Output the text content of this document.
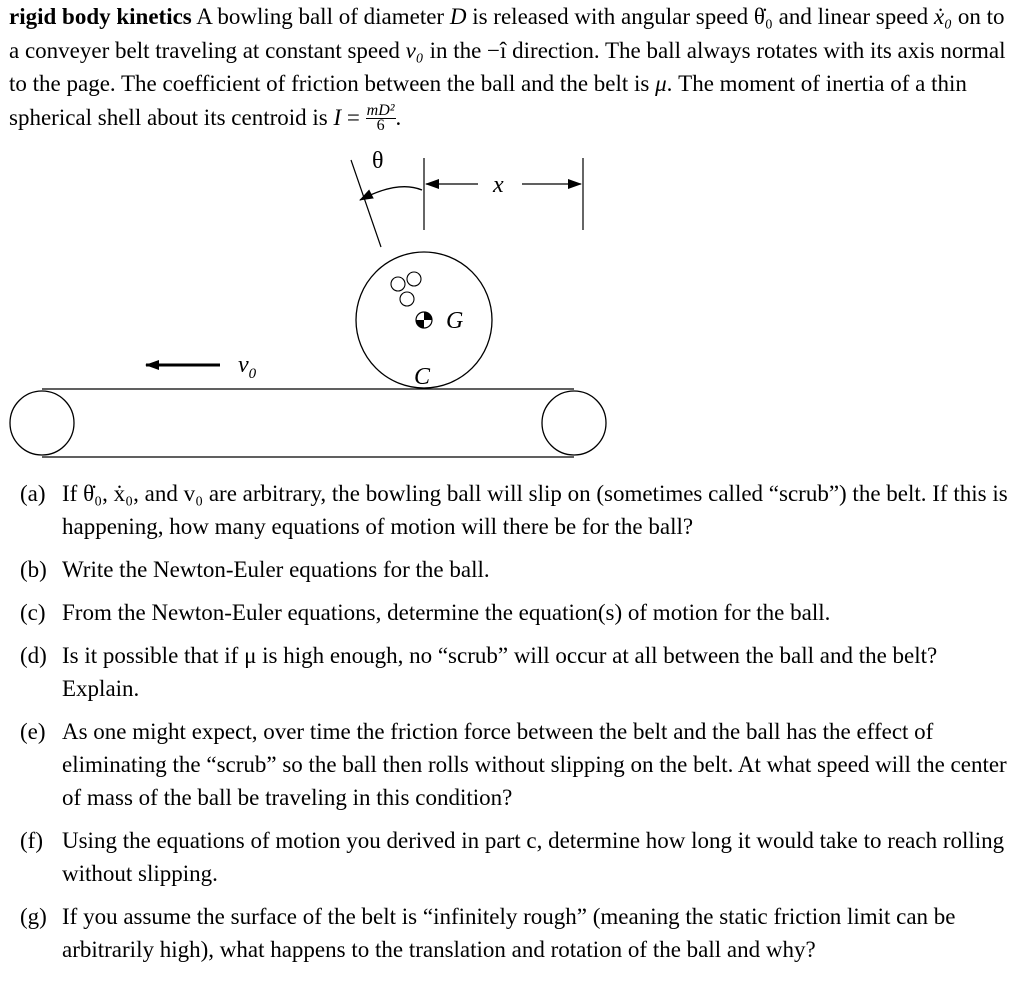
rigid body kinetics A bowling ball of diameter D is released with angular speed θ̇₀ and linear speed ẋ₀ on to a conveyer belt traveling at constant speed v₀ in the −î direction. The ball always rotates with its axis normal to the page. The coefficient of friction between the ball and the belt is μ. The moment of inertia of a thin spherical shell about its centroid is $I = \frac{\text{mD²}}{6}$ .
θ
x
G
C
$v_0$
(a) If θ̇₀, ẋ₀, and v₀ are arbitrary, the bowling ball will slip on (sometimes called “scrub”) the belt. If this is happening, how many equations of motion will there be for the ball?
(b) Write the Newton-Euler equations for the ball.
(c) From the Newton-Euler equations, determine the equation(s) of motion for the ball.
(d) Is it possible that if μ is high enough, no “scrub” will occur at all between the ball and the belt? Explain.
(e) As one might expect, over time the friction force between the belt and the ball has the effect of eliminating the “scrub” so the ball then rolls without slipping on the belt. At what speed will the center of mass of the ball be traveling in this condition?
(f) Using the equations of motion you derived in part c, determine how long it would take to reach rolling without slipping.
(g) If you assume the surface of the belt is “infinitely rough” (meaning the static friction limit can be arbitrarily high), what happens to the translation and rotation of the ball and why?
